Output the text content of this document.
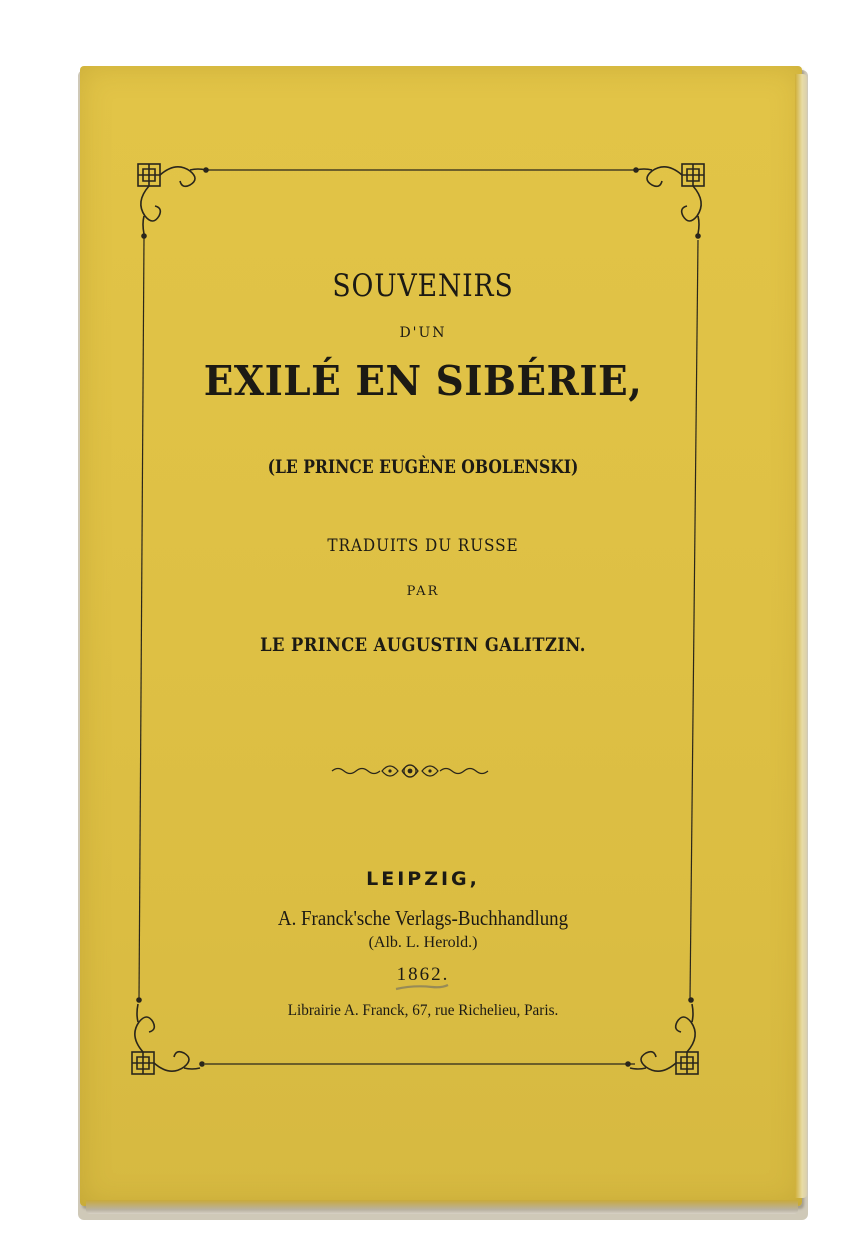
SOUVENIRS
D'UN
EXILÉ EN SIBÉRIE,
(LE PRINCE EUGÈNE OBOLENSKI)
TRADUITS DU RUSSE
PAR
LE PRINCE AUGUSTIN GALITZIN.
LEIPZIG,
A. Franck'sche Verlags-Buchhandlung
(Alb. L. Herold.)
1862.
Librairie A. Franck, 67, rue Richelieu, Paris.
